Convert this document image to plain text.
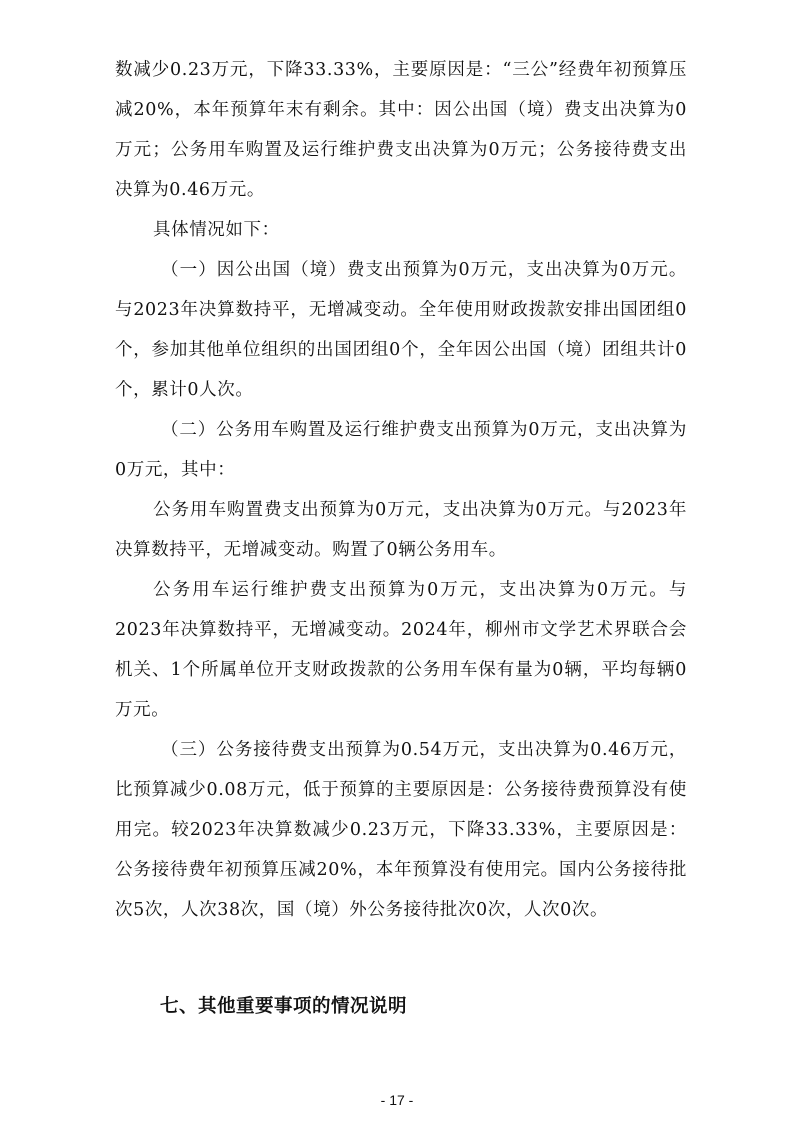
数减少0.23万元，下降33.33%，主要原因是：“三公”经费年初预算压减20%，本年预算年末有剩余。其中：因公出国（境）费支出决算为0万元；公务用车购置及运行维护费支出决算为0万元；公务接待费支出决算为0.46万元。

具体情况如下：

（一）因公出国（境）费支出预算为0万元，支出决算为0万元。与2023年决算数持平，无增减变动。全年使用财政拨款安排出国团组0个，参加其他单位组织的出国团组0个，全年因公出国（境）团组共计0个，累计0人次。

（二）公务用车购置及运行维护费支出预算为0万元，支出决算为0万元，其中：

公务用车购置费支出预算为0万元，支出决算为0万元。与2023年决算数持平，无增减变动。购置了0辆公务用车。

公务用车运行维护费支出预算为0万元，支出决算为0万元。与2023年决算数持平，无增减变动。2024年，柳州市文学艺术界联合会机关、1个所属单位开支财政拨款的公务用车保有量为0辆，平均每辆0万元。

（三）公务接待费支出预算为0.54万元，支出决算为0.46万元，比预算减少0.08万元，低于预算的主要原因是：公务接待费预算没有使用完。较2023年决算数减少0.23万元，下降33.33%，主要原因是：公务接待费年初预算压减20%，本年预算没有使用完。国内公务接待批次5次，人次38次，国（境）外公务接待批次0次，人次0次。

七、其他重要事项的情况说明
- 17 -
